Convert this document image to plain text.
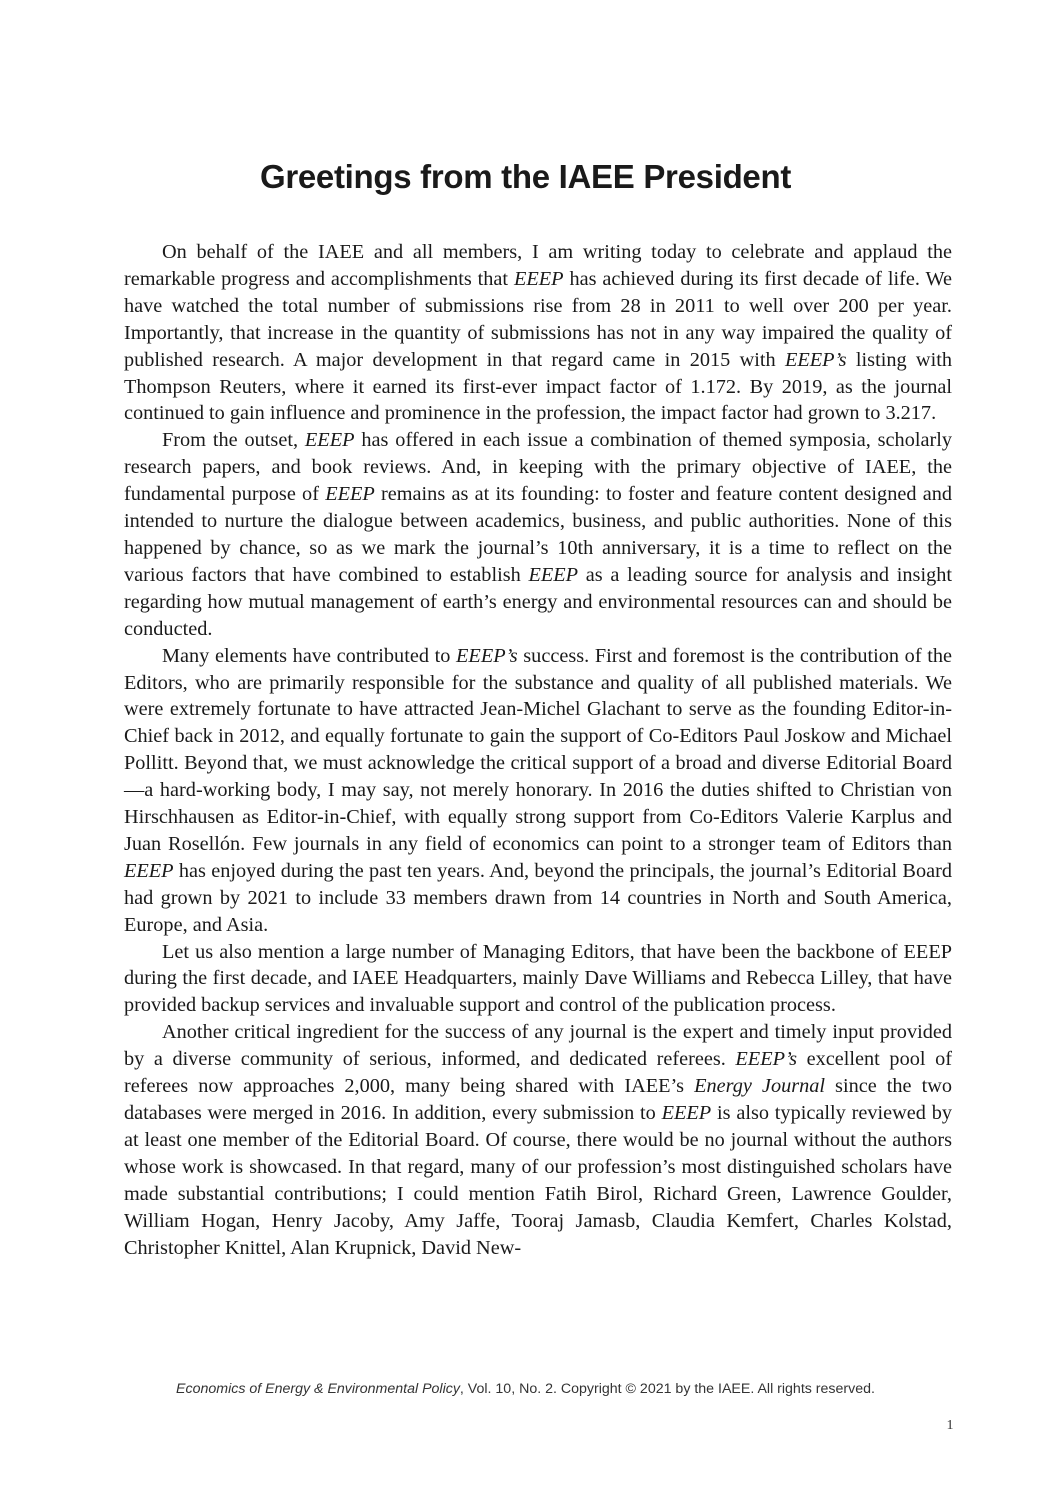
Greetings from the IAEE President

On behalf of the IAEE and all members, I am writing today to celebrate and applaud the remarkable progress and accomplishments that EEEP has achieved during its first decade of life. We have watched the total number of submissions rise from 28 in 2011 to well over 200 per year. Importantly, that increase in the quantity of submissions has not in any way impaired the quality of published research. A major development in that regard came in 2015 with EEEP’s listing with Thompson Reuters, where it earned its first-ever impact factor of 1.172. By 2019, as the journal continued to gain influence and prominence in the profession, the impact factor had grown to 3.217.

From the outset, EEEP has offered in each issue a combination of themed symposia, scholarly research papers, and book reviews. And, in keeping with the primary objective of IAEE, the fundamental purpose of EEEP remains as at its founding: to foster and feature content designed and intended to nurture the dialogue between academics, business, and public authorities. None of this happened by chance, so as we mark the journal’s 10th anniversary, it is a time to reflect on the various factors that have combined to establish EEEP as a leading source for analysis and insight regarding how mutual management of earth’s energy and environmental resources can and should be conducted.

Many elements have contributed to EEEP’s success. First and foremost is the contribution of the Editors, who are primarily responsible for the substance and quality of all published materials. We were extremely fortunate to have attracted Jean-Michel Glachant to serve as the founding Editor-in-Chief back in 2012, and equally fortunate to gain the support of Co-Editors Paul Joskow and Michael Pollitt. Beyond that, we must acknowledge the critical support of a broad and diverse Editorial Board—a hard-working body, I may say, not merely honorary. In 2016 the duties shifted to Christian von Hirschhausen as Editor-in-Chief, with equally strong support from Co-Editors Valerie Karplus and Juan Rosellón. Few journals in any field of economics can point to a stronger team of Editors than EEEP has enjoyed during the past ten years. And, beyond the principals, the journal’s Editorial Board had grown by 2021 to include 33 members drawn from 14 countries in North and South America, Europe, and Asia.

Let us also mention a large number of Managing Editors, that have been the backbone of EEEP during the first decade, and IAEE Headquarters, mainly Dave Williams and Rebecca Lilley, that have provided backup services and invaluable support and control of the publication process.

Another critical ingredient for the success of any journal is the expert and timely input provided by a diverse community of serious, informed, and dedicated referees. EEEP’s excellent pool of referees now approaches 2,000, many being shared with IAEE’s Energy Journal since the two databases were merged in 2016. In addition, every submission to EEEP is also typically reviewed by at least one member of the Editorial Board. Of course, there would be no journal without the authors whose work is showcased. In that regard, many of our profession’s most distinguished scholars have made substantial contributions; I could mention Fatih Birol, Richard Green, Lawrence Goulder, William Hogan, Henry Jacoby, Amy Jaffe, Tooraj Jamasb, Claudia Kemfert, Charles Kolstad, Christopher Knittel, Alan Krupnick, David New-

Economics of Energy & Environmental Policy, Vol. 10, No. 2. Copyright © 2021 by the IAEE. All rights reserved.
1
